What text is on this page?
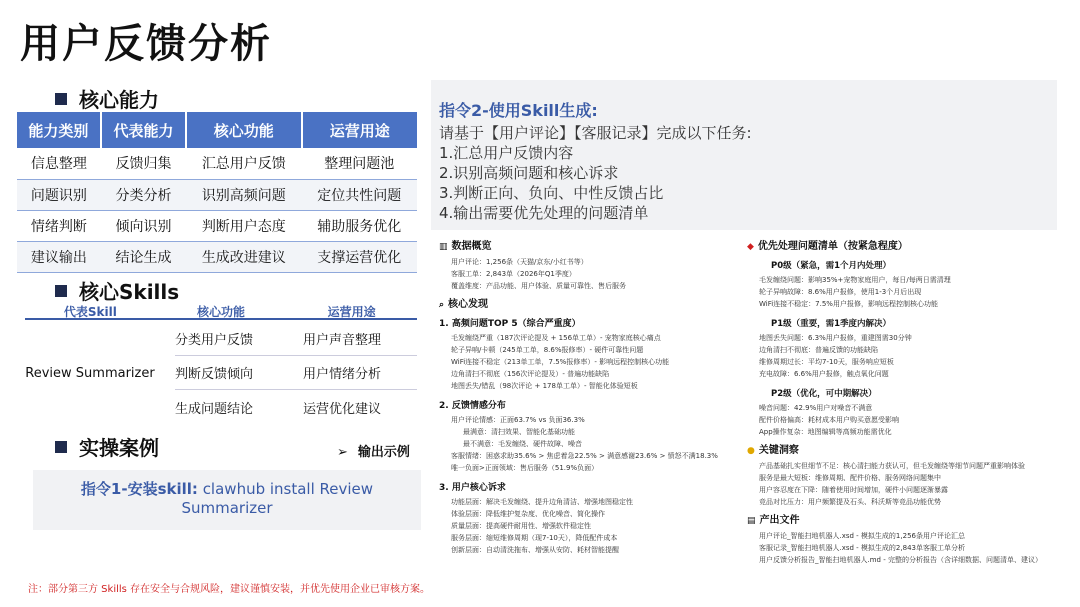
用户反馈分析
核心能力
能力类别	代表能力	核心功能	运营用途
信息整理	反馈归集	汇总用户反馈	整理问题池
问题识别	分类分析	识别高频问题	定位共性问题
情绪判断	倾向识别	判断用户态度	辅助服务优化
建议输出	结论生成	生成改进建议	支撑运营优化
核心Skills
代表Skill	核心功能	运营用途
Review Summarizer
分类用户反馈	用户声音整理
判断反馈倾向	用户情绪分析
生成问题结论	运营优化建议
实操案例	➢ 输出示例
指令1-安装skill: clawhub install Review
Summarizer
注：部分第三方 Skills 存在安全与合规风险，建议谨慎安装，并优先使用企业已审核方案。
指令2-使用Skill生成:
请基于【用户评论】【客服记录】完成以下任务:
1.汇总用户反馈内容
2.识别高频问题和核心诉求
3.判断正向、负向、中性反馈占比
4.输出需要优先处理的问题清单
▥ 数据概览
用户评论：1,256条（天猫/京东/小红书等）
客服工单：2,843单（2026年Q1季度）
覆盖维度：产品功能、用户体验、质量可靠性、售后服务
⌕ 核心发现
1. 高频问题TOP 5（综合严重度）
毛发缠绕严重（187次评论提及 + 156单工单）- 宠物家庭核心痛点
轮子异响/卡顿（245单工单，8.6%报修率）- 硬件可靠性问题
WiFi连接不稳定（213单工单，7.5%报修率）- 影响远程控制核心功能
边角清扫不彻底（156次评论提及）- 普遍功能缺陷
地图丢失/错乱（98次评论 + 178单工单）- 智能化体验短板
2. 反馈情感分布
用户评论情感：正面63.7% vs 负面36.3%
最满意：清扫效果、智能化基础功能
最不满意：毛发缠绕、硬件故障、噪音
客服情绪：困惑求助35.6% > 焦虑着急22.5% > 满意感谢23.6% > 愤怒不满18.3%
唯一负面>正面领域：售后服务（51.9%负面）
3. 用户核心诉求
功能层面：解决毛发缠绕、提升边角清洁、增强地图稳定性
体验层面：降低维护复杂度、优化噪音、简化操作
质量层面：提高硬件耐用性、增强软件稳定性
服务层面：缩短维修周期（现7-10天），降低配件成本
创新层面：自动清洗拖布、增强从安防、耗材智能提醒
◆ 优先处理问题清单（按紧急程度）
P0级（紧急，需1个月内处理）
毛发缠绕问题：影响35%+宠物家庭用户，每日/每两日需清理
轮子异响故障：8.6%用户报修，使用1-3个月后出现
WiFi连接不稳定：7.5%用户报修，影响远程控制核心功能
P1级（重要，需1季度内解决）
地图丢失问题：6.3%用户报修，重建图需30分钟
边角清扫不彻底：普遍反馈的功能缺陷
维修周期过长：平均7-10天，服务响应短板
充电故障：6.6%用户报修，触点氧化问题
P2级（优化，可中期解决）
噪音问题：42.9%用户对噪音不满意
配件价格偏高：耗材成本用户购买意愿受影响
App操作复杂：地图编辑等高频功能需优化
● 关键洞察
产品基础扎实但细节不足：核心清扫能力获认可，但毛发缠绕等细节问题严重影响体验
服务是最大短板：维修周期、配件价格、服务网络问题集中
用户容忍度在下降：随着使用时间增加，硬件小问题逐渐暴露
竞品对比压力：用户频繁提及石头、科沃斯等竞品功能优势
▤ 产出文件
用户评论_智能扫地机器人.xsd - 模拟生成的1,256条用户评论汇总
客服记录_智能扫地机器人.xsd - 模拟生成的2,843单客服工单分析
用户反馈分析报告_智能扫地机器人.md - 完整的分析报告（含详细数据、问题清单、建议）
